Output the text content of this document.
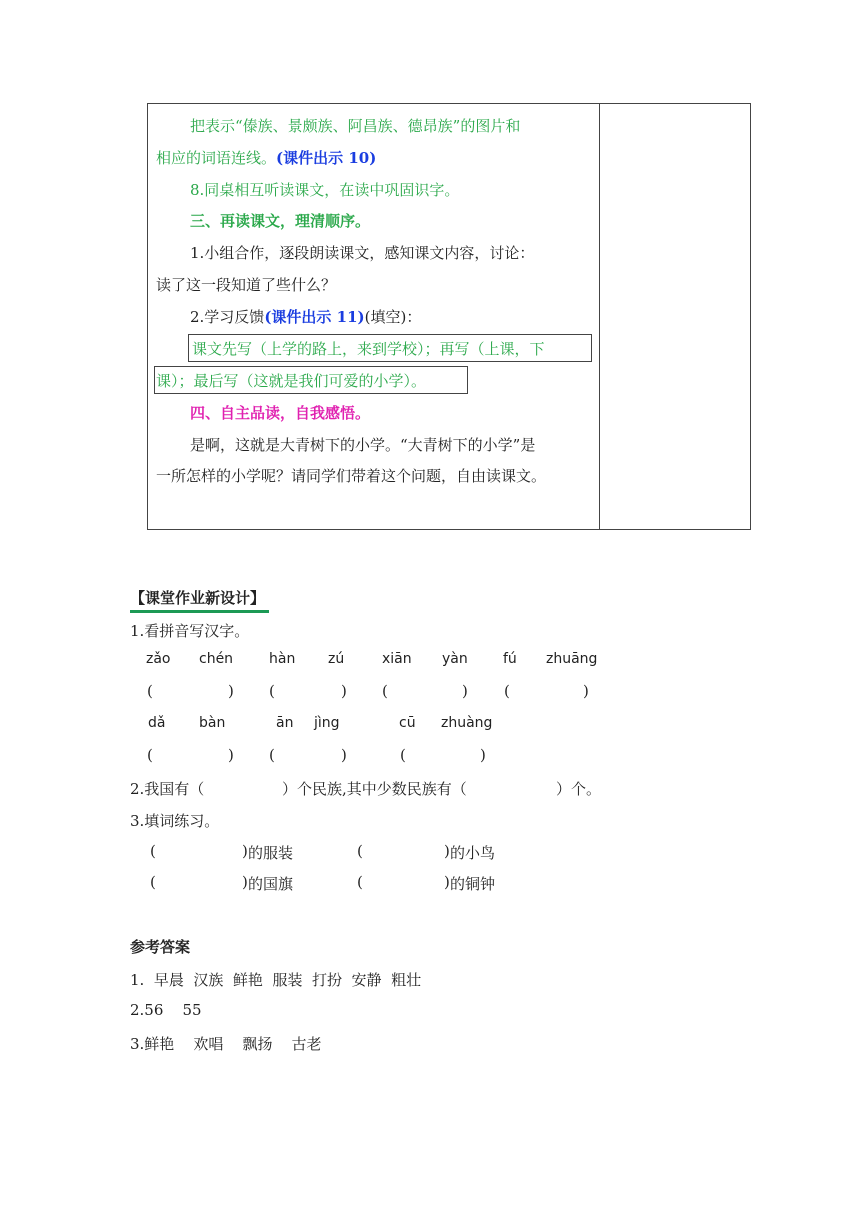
把表示“傣族、景颇族、阿昌族、德昂族”的图片和
相应的词语连线。(课件出示 10)
8.同桌相互听读课文，在读中巩固识字。
三、再读课文，理清顺序。
1.小组合作，逐段朗读课文，感知课文内容，讨论：
读了这一段知道了些什么？
2.学习反馈(课件出示 11)(填空)：
课文先写（上学的路上，来到学校）；再写（上课，下
课）；最后写（这就是我们可爱的小学）。
四、自主品读，自我感悟。
是啊，这就是大青树下的小学。“大青树下的小学”是
一所怎样的小学呢？请同学们带着这个问题，自由读课文。
【课堂作业新设计】
1.看拼音写汉字。
zǎo chén	hàn zú	xiān yàn	fú zhuāng
(	) (	) (	) (	)
dǎ bàn	ān jìng	cū zhuàng
(	) (	)	(	)
2.我国有（	）个民族,其中少数民族有（	）个。
3.填词练习。
(	) 的服装	(	) 的小鸟
(	) 的国旗	(	) 的铜钟
参考答案
1.  早晨  汉族  鲜艳  服装  打扮  安静  粗壮
2.56    55
3.鲜艳    欢唱    飘扬    古老
